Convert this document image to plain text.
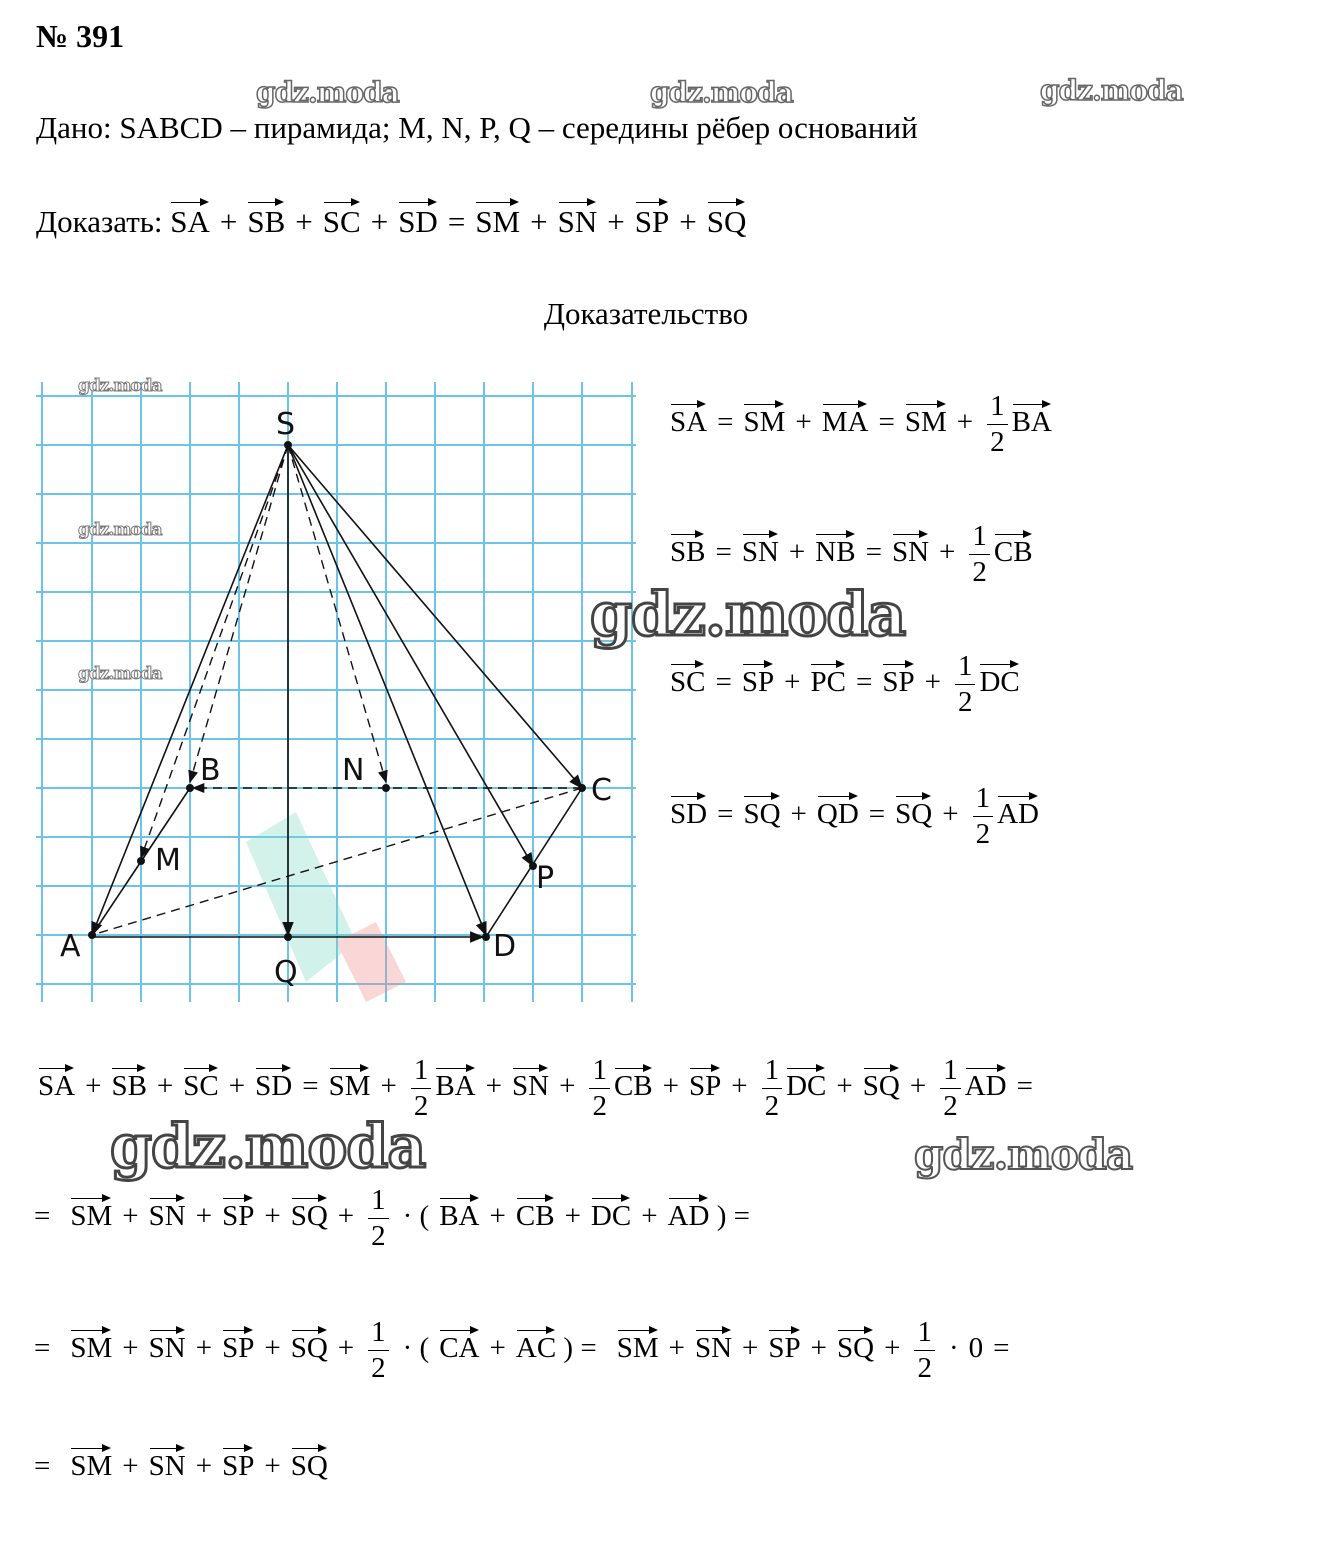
№ 391
gdz.moda	gdz.moda	gdz.moda
Дано: SABCD – пирамида; M, N, P, Q – середины рёбер оснований
Доказать: SA + SB + SC + SD = SM + SN + SP + SQ
Доказательство
S
A
B
C
D
M
N
P
Q
gdz.moda
gdz.moda
gdz.moda
SA = SM + MA = SM + $\frac{1}{2}$ BA
SB = SN + NB = SN + $\frac{1}{2}$ CB
gdz.moda
SC = SP + PC = SP + $\frac{1}{2}$ DC
SD = SQ + QD = SQ + $\frac{1}{2}$ AD
SA + SB + SC + SD = SM + $\frac{1}{2}$ BA + SN + $\frac{1}{2}$ CB + SP + $\frac{1}{2}$ DC + SQ + $\frac{1}{2}$ AD =
gdz.moda	gdz.moda
= SM + SN + SP + SQ + $\frac{1}{2}$ · ( BA + CB + DC + AD ) =
= SM + SN + SP + SQ + $\frac{1}{2}$ · ( CA + AC ) = SM + SN + SP + SQ + $\frac{1}{2} \cdot 0$ =
= SM + SN + SP + SQ
